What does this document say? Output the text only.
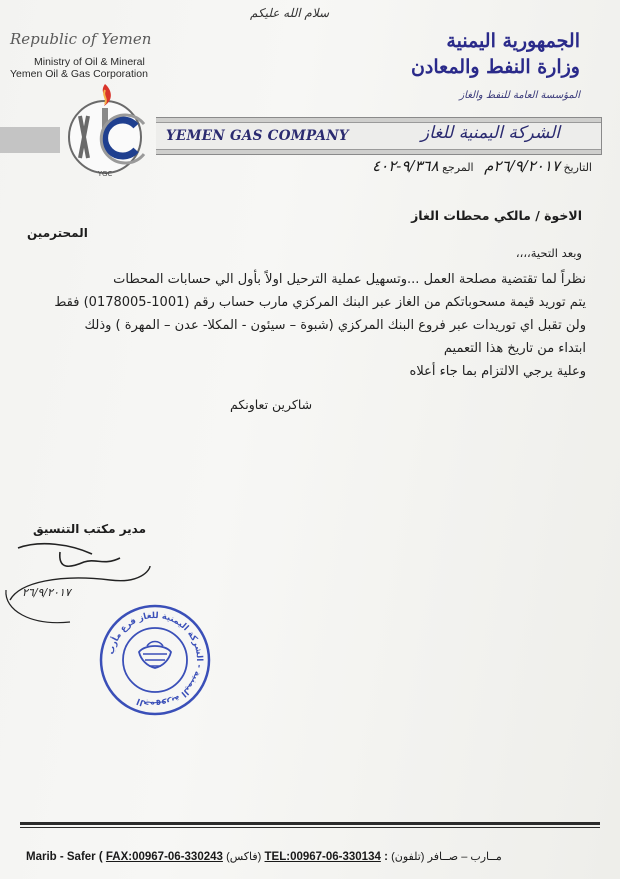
سلام الله عليكم
Republic of Yemen
Ministry of Oil & Mineral
Yemen Oil & Gas Corporation
الجمهورية اليمنية
وزارة النفط والمعادن
المؤسسة العامة للنفط والغاز
YEMEN GAS COMPANY	الشركة اليمنية للغاز
YGC	التاريخ ٢٦/٩/٢٠١٧م   المرجع ٩/٣٦٨-٤٠٢
الاخوة / مالكي محطات الغاز
المحترمين
وبعد التحية،،،،
نظراً لما تقتضية مصلحة العمل ...وتسهيل عملية الترحيل اولاً بأول الي حسابات المحطات
يتم توريد قيمة مسحوباتكم من الغاز عبر البنك المركزي مارب حساب رقم (1001-0178005) فقط
ولن تقبل اي توريدات عبر فروع البنك المركزي (شبوة – سيئون - المكلا- عدن – المهرة ) وذلك
ابتداء من تاريخ هذا التعميم
وعلية يرجي الالتزام بما جاء أعلاه
شاكرين تعاونكم
مدير مكتب التنسيق
٢٦/٩/٢٠١٧
الجمهورية اليمنية - الشركة اليمنية للغاز فرع مأرب
Marib - Safer ( FAX:00967-06-330243 (فاكس) TEL:00967-06-330134 : (تلفون) مــارب – صــافر
